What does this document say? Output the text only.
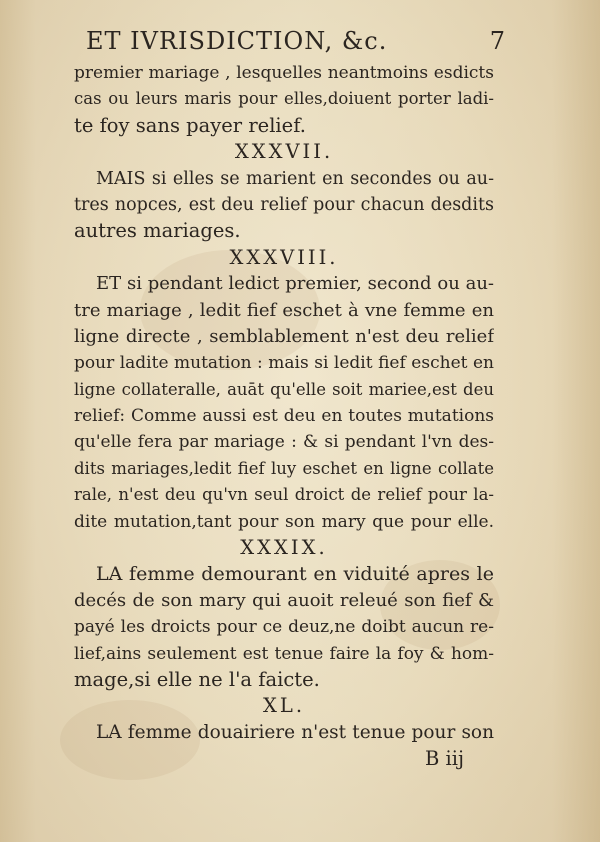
ET IVRISDICTION, &c.	7
premier mariage , lesquelles neantmoins esdicts
cas ou leurs maris pour elles,doiuent porter ladi-
te foy sans payer relief.
XXXVII.
MAIS si elles se marient en secondes ou au-
tres nopces, est deu relief pour chacun desdits
autres mariages.
XXXVIII.
ET si pendant ledict premier, second ou au-
tre mariage , ledit fief eschet à vne femme en
ligne directe , semblablement n'est deu relief
pour ladite mutation : mais si ledit fief eschet en
ligne collateralle, auāt qu'elle soit mariee,est deu
relief: Comme aussi est deu en toutes mutations
qu'elle fera par mariage : & si pendant l'vn des-
dits mariages,ledit fief luy eschet en ligne collate
rale, n'est deu qu'vn seul droict de relief pour la-
dite mutation,tant pour son mary que pour elle.
XXXIX.
LA femme demourant en viduité apres le
decés de son mary qui auoit releué son fief &
payé les droicts pour ce deuz,ne doibt aucun re-
lief,ains seulement est tenue faire la foy & hom-
mage,si elle ne l'a faicte.
XL.
LA femme douairiere n'est tenue pour son
B iij
